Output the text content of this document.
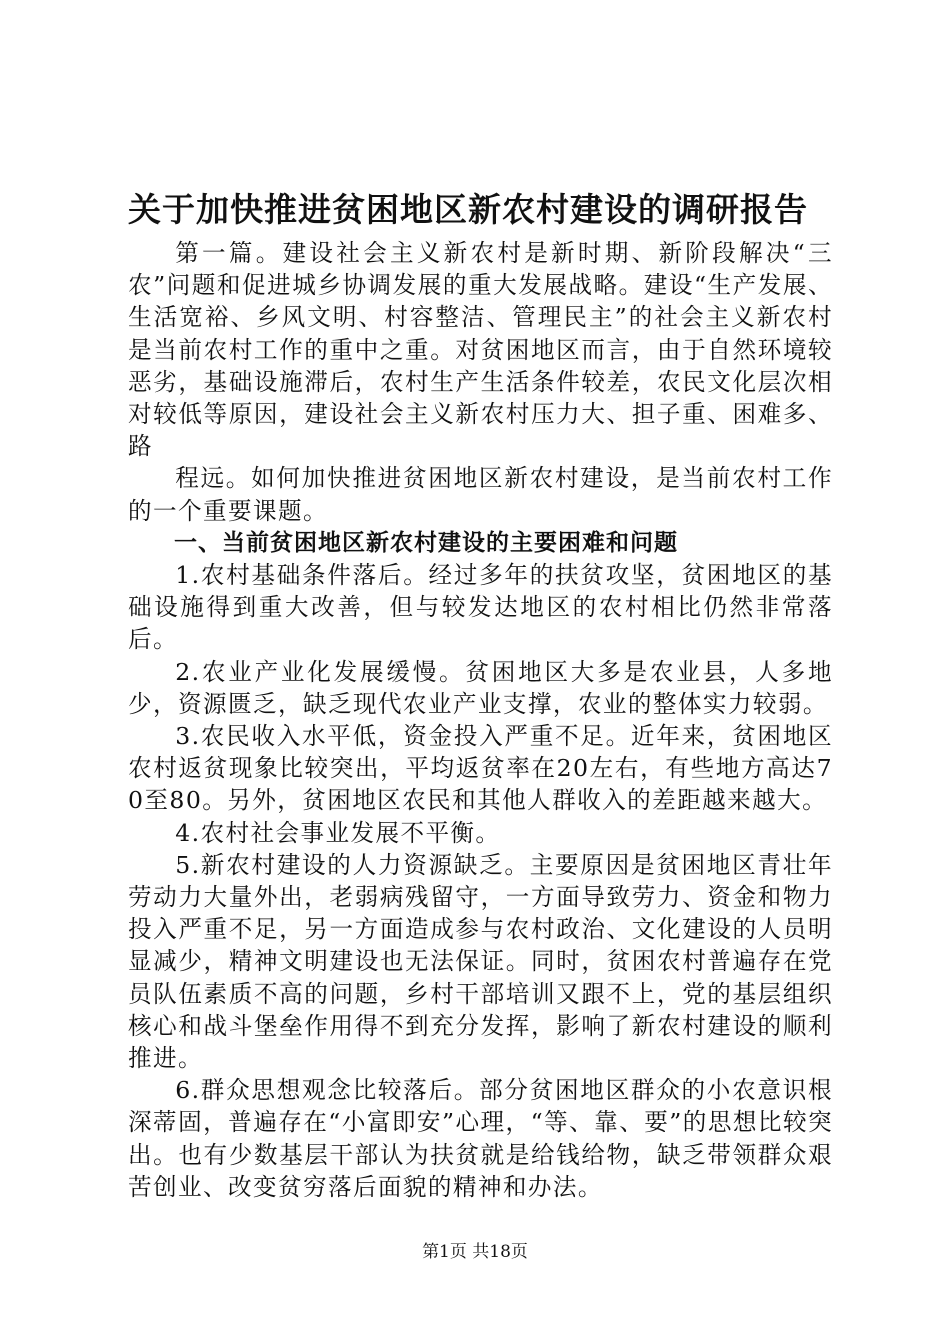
关于加快推进贫困地区新农村建设的调研报告

第一篇。建设社会主义新农村是新时期、新阶段解决“三农”问题和促进城乡协调发展的重大发展战略。建设“生产发展、生活宽裕、乡风文明、村容整洁、管理民主”的社会主义新农村是当前农村工作的重中之重。对贫困地区而言，由于自然环境较恶劣，基础设施滞后，农村生产生活条件较差，农民文化层次相对较低等原因，建设社会主义新农村压力大、担子重、困难多、路

程远。如何加快推进贫困地区新农村建设，是当前农村工作的一个重要课题。

一、当前贫困地区新农村建设的主要困难和问题

1.农村基础条件落后。经过多年的扶贫攻坚，贫困地区的基础设施得到重大改善，但与较发达地区的农村相比仍然非常落后。

2.农业产业化发展缓慢。贫困地区大多是农业县，人多地少，资源匮乏，缺乏现代农业产业支撑，农业的整体实力较弱。

3.农民收入水平低，资金投入严重不足。近年来，贫困地区农村返贫现象比较突出，平均返贫率在20左右，有些地方高达70至80。另外，贫困地区农民和其他人群收入的差距越来越大。

4.农村社会事业发展不平衡。

5.新农村建设的人力资源缺乏。主要原因是贫困地区青壮年劳动力大量外出，老弱病残留守，一方面导致劳力、资金和物力投入严重不足，另一方面造成参与农村政治、文化建设的人员明显减少，精神文明建设也无法保证。同时，贫困农村普遍存在党员队伍素质不高的问题，乡村干部培训又跟不上，党的基层组织核心和战斗堡垒作用得不到充分发挥，影响了新农村建设的顺利推进。

6.群众思想观念比较落后。部分贫困地区群众的小农意识根深蒂固，普遍存在“小富即安”心理，“等、靠、要”的思想比较突出。也有少数基层干部认为扶贫就是给钱给物，缺乏带领群众艰苦创业、改变贫穷落后面貌的精神和办法。

第1页 共18页
